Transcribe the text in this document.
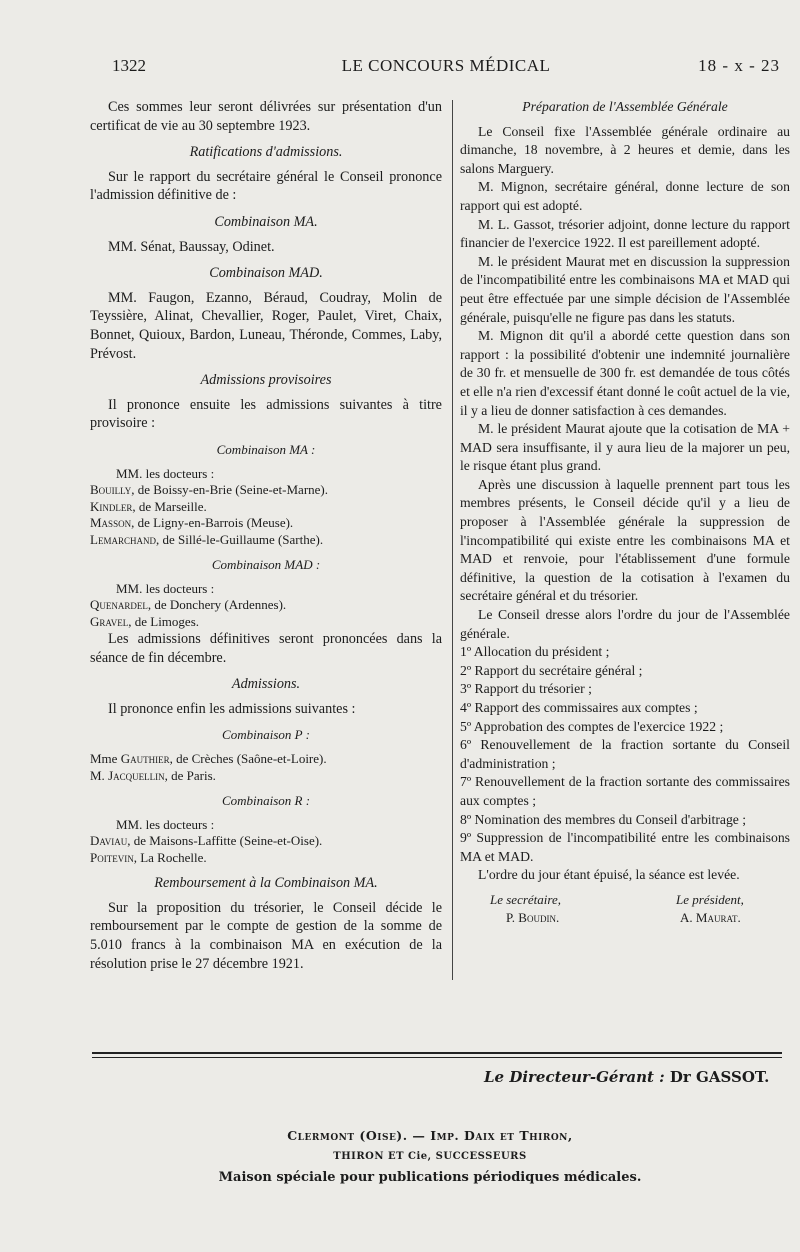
1322	LE CONCOURS MÉDICAL	18 - x - 23

Ces sommes leur seront délivrées sur présentation d'un certificat de vie au 30 septembre 1923.

Ratifications d'admissions.

Sur le rapport du secrétaire général le Conseil prononce l'admission définitive de :

Combinaison MA.

MM. Sénat, Baussay, Odinet.

Combinaison MAD.

MM. Faugon, Ezanno, Béraud, Coudray, Molin de Teyssière, Alinat, Chevallier, Roger, Paulet, Viret, Chaix, Bonnet, Quioux, Bardon, Luneau, Théronde, Commes, Laby, Prévost.

Admissions provisoires

Il prononce ensuite les admissions suivantes à titre provisoire :

Combinaison MA :

MM. les docteurs :

Bouilly, de Boissy-en-Brie (Seine-et-Marne).

Kindler, de Marseille.

Masson, de Ligny-en-Barrois (Meuse).

Lemarchand, de Sillé-le-Guillaume (Sarthe).

Combinaison MAD :

MM. les docteurs :

Quenardel, de Donchery (Ardennes).

Gravel, de Limoges.

Les admissions définitives seront prononcées dans la séance de fin décembre.

Admissions.

Il prononce enfin les admissions suivantes :

Combinaison P :

Mme Gauthier, de Crèches (Saône-et-Loire).

M. Jacquellin, de Paris.

Combinaison R :

MM. les docteurs :

Daviau, de Maisons-Laffitte (Seine-et-Oise).

Poitevin, La Rochelle.

Remboursement à la Combinaison MA.

Sur la proposition du trésorier, le Conseil décide le remboursement par le compte de gestion de la somme de 5.010 francs à la combinaison MA en exécution de la résolution prise le 27 décembre 1921.

Préparation de l'Assemblée Générale

Le Conseil fixe l'Assemblée générale ordinaire au dimanche, 18 novembre, à 2 heures et demie, dans les salons Marguery.

M. Mignon, secrétaire général, donne lecture de son rapport qui est adopté.

M. L. Gassot, trésorier adjoint, donne lecture du rapport financier de l'exercice 1922. Il est pareillement adopté.

M. le président Maurat met en discussion la suppression de l'incompatibilité entre les combinaisons MA et MAD qui peut être effectuée par une simple décision de l'Assemblée générale, puisqu'elle ne figure pas dans les statuts.

M. Mignon dit qu'il a abordé cette question dans son rapport : la possibilité d'obtenir une indemnité journalière de 30 fr. et mensuelle de 300 fr. est demandée de tous côtés et elle n'a rien d'excessif étant donné le coût actuel de la vie, il y a lieu de donner satisfaction à ces demandes.

M. le président Maurat ajoute que la cotisation de MA + MAD sera insuffisante, il y aura lieu de la majorer un peu, le risque étant plus grand.

Après une discussion à laquelle prennent part tous les membres présents, le Conseil décide qu'il y a lieu de proposer à l'Assemblée générale la suppression de l'incompatibilité qui existe entre les combinaisons MA et MAD et renvoie, pour l'établissement d'une formule définitive, la question de la cotisation à l'examen du secrétaire général et du trésorier.

Le Conseil dresse alors l'ordre du jour de l'Assemblée générale.

1º Allocation du président ;

2º Rapport du secrétaire général ;

3º Rapport du trésorier ;

4º Rapport des commissaires aux comptes ;

5º Approbation des comptes de l'exercice 1922 ;

6º Renouvellement de la fraction sortante du Conseil d'administration ;

7º Renouvellement de la fraction sortante des commissaires aux comptes ;

8º Nomination des membres du Conseil d'arbitrage ;

9º Suppression de l'incompatibilité entre les combinaisons MA et MAD.

L'ordre du jour étant épuisé, la séance est levée.

Le secrétaire,
P. Boudin.
Le président,
A. Maurat.
Le Directeur-Gérant : Dr GASSOT.
Clermont (Oise). — Imp. Daix et Thiron,
THIRON ET Cie, SUCCESSEURS
Maison spéciale pour publications périodiques médicales.
